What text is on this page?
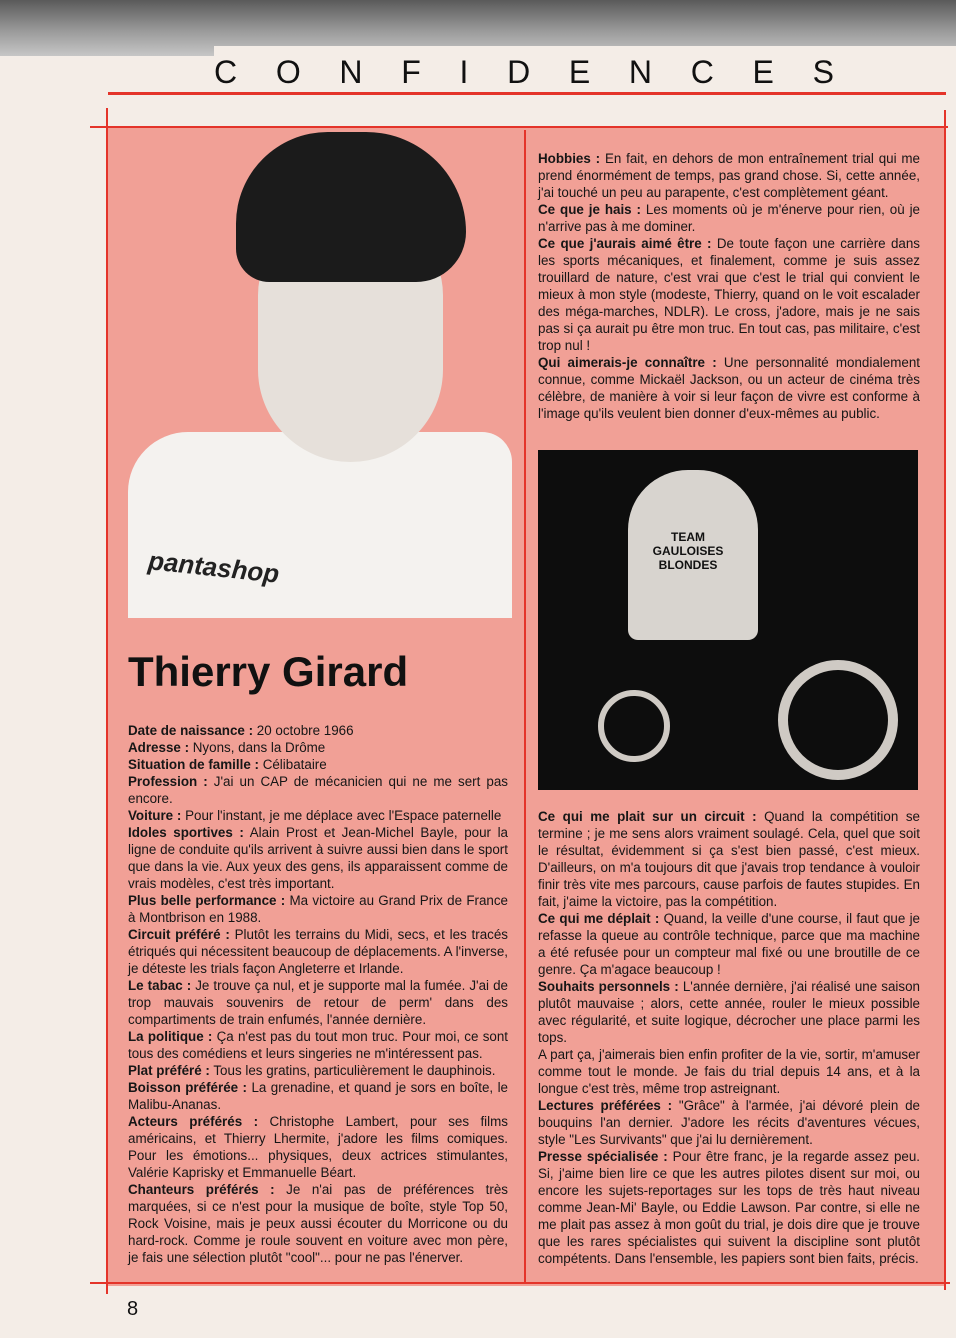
C O N F I D E N C E S
pantashop
Thierry Girard

Date de naissance : 20 octobre 1966

Adresse : Nyons, dans la Drôme

Situation de famille : Célibataire

Profession : J'ai un CAP de mécanicien qui ne me sert pas encore.

Voiture : Pour l'instant, je me déplace avec l'Espace paternelle

Idoles sportives : Alain Prost et Jean-Michel Bayle, pour la ligne de conduite qu'ils arrivent à suivre aussi bien dans le sport que dans la vie. Aux yeux des gens, ils apparaissent comme de vrais modèles, c'est très important.

Plus belle performance : Ma victoire au Grand Prix de France à Montbrison en 1988.

Circuit préféré : Plutôt les terrains du Midi, secs, et les tracés étriqués qui nécessitent beaucoup de déplacements. A l'inverse, je déteste les trials façon Angleterre et Irlande.

Le tabac : Je trouve ça nul, et je supporte mal la fumée. J'ai de trop mauvais souvenirs de retour de perm' dans des compartiments de train enfumés, l'année dernière.

La politique : Ça n'est pas du tout mon truc. Pour moi, ce sont tous des comédiens et leurs singeries ne m'intéressent pas.

Plat préféré : Tous les gratins, particulièrement le dauphinois.

Boisson préférée : La grenadine, et quand je sors en boîte, le Malibu-Ananas.

Acteurs préférés : Christophe Lambert, pour ses films américains, et Thierry Lhermite, j'adore les films comiques. Pour les émotions... physiques, deux actrices stimulantes, Valérie Kaprisky et Emmanuelle Béart.

Chanteurs préférés : Je n'ai pas de préférences très marquées, si ce n'est pour la musique de boîte, style Top 50, Rock Voisine, mais je peux aussi écouter du Morricone ou du hard-rock. Comme je roule souvent en voiture avec mon père, je fais une sélection plutôt "cool"... pour ne pas l'énerver.

Hobbies : En fait, en dehors de mon entraînement trial qui me prend énormément de temps, pas grand chose. Si, cette année, j'ai touché un peu au parapente, c'est complètement géant.

Ce que je hais : Les moments où je m'énerve pour rien, où je n'arrive pas à me dominer.

Ce que j'aurais aimé être : De toute façon une carrière dans les sports mécaniques, et finalement, comme je suis assez trouillard de nature, c'est vrai que c'est le trial qui convient le mieux à mon style (modeste, Thierry, quand on le voit escalader des méga-marches, NDLR). Le cross, j'adore, mais je ne sais pas si ça aurait pu être mon truc. En tout cas, pas militaire, c'est trop nul !

Qui aimerais-je connaître : Une personnalité mondialement connue, comme Mickaël Jackson, ou un acteur de cinéma très célèbre, de manière à voir si leur façon de vivre est conforme à l'image qu'ils veulent bien donner d'eux-mêmes au public.

TEAM GAULOISES BLONDES

Ce qui me plait sur un circuit : Quand la compétition se termine ; je me sens alors vraiment soulagé. Cela, quel que soit le résultat, évidemment si ça s'est bien passé, c'est mieux. D'ailleurs, on m'a toujours dit que j'avais trop tendance à vouloir finir très vite mes parcours, cause parfois de fautes stupides. En fait, j'aime la victoire, pas la compétition.

Ce qui me déplait : Quand, la veille d'une course, il faut que je refasse la queue au contrôle technique, parce que ma machine a été refusée pour un compteur mal fixé ou une broutille de ce genre. Ça m'agace beaucoup !

Souhaits personnels : L'année dernière, j'ai réalisé une saison plutôt mauvaise ; alors, cette année, rouler le mieux possible avec régularité, et suite logique, décrocher une place parmi les tops.

A part ça, j'aimerais bien enfin profiter de la vie, sortir, m'amuser comme tout le monde. Je fais du trial depuis 14 ans, et à la longue c'est très, même trop astreignant.

Lectures préférées : "Grâce" à l'armée, j'ai dévoré plein de bouquins l'an dernier. J'adore les récits d'aventures vécues, style "Les Survivants" que j'ai lu dernièrement.

Presse spécialisée : Pour être franc, je la regarde assez peu. Si, j'aime bien lire ce que les autres pilotes disent sur moi, ou encore les sujets-reportages sur les tops de très haut niveau comme Jean-Mi' Bayle, ou Eddie Lawson. Par contre, si elle ne me plait pas assez à mon goût du trial, je dois dire que je trouve que les rares spécialistes qui suivent la discipline sont plutôt compétents. Dans l'ensemble, les papiers sont bien faits, précis.

8
